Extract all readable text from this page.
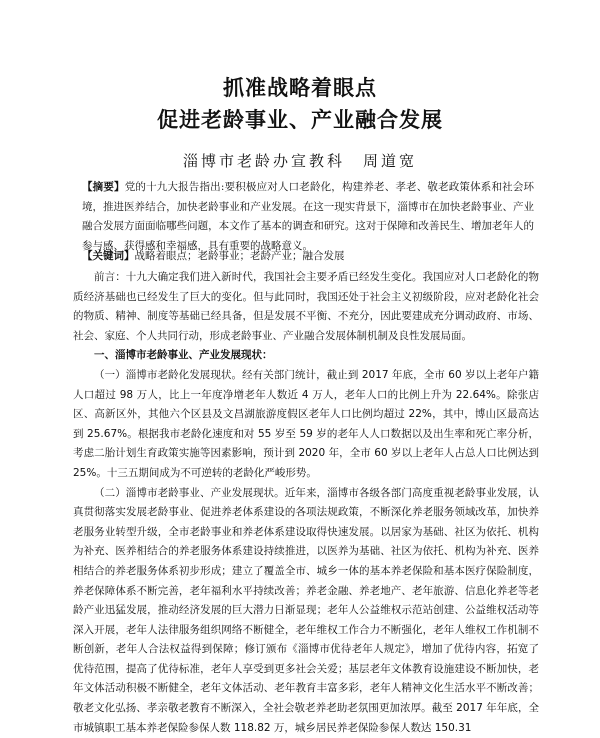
抓准战略着眼点
促进老龄事业、产业融合发展
淄博市老龄办宣教科　周道宽
【摘要】党的十九大报告指出:要积极应对人口老龄化，构建养老、孝老、敬老政策体系和社会环境，推进医养结合，加快老龄事业和产业发展。在这一现实背景下，淄博市在加快老龄事业、产业融合发展方面面临哪些问题，本文作了基本的调查和研究。这对于保障和改善民生、增加老年人的参与感、获得感和幸福感，具有重要的战略意义。
【关键词】战略着眼点；老龄事业；老龄产业；融合发展

前言：十九大确定我们进入新时代，我国社会主要矛盾已经发生变化。我国应对人口老龄化的物质经济基础也已经发生了巨大的变化。但与此同时，我国还处于社会主义初级阶段，应对老龄化社会的物质、精神、制度等基础已经具备，但是发展不平衡、不充分，因此要建成充分调动政府、市场、社会、家庭、个人共同行动，形成老龄事业、产业融合发展体制机制及良性发展局面。

一、淄博市老龄事业、产业发展现状：

（一）淄博市老龄化发展现状。经有关部门统计，截止到 2017 年底，全市 60 岁以上老年户籍人口超过 98 万人，比上一年度净增老年人数近 4 万人，老年人口的比例上升为 22.64%。除张店区、高新区外，其他六个区县及文昌湖旅游度假区老年人口比例均超过 22%，其中，博山区最高达到 25.67%。根据我市老龄化速度和对 55 岁至 59 岁的老年人人口数据以及出生率和死亡率分析，考虑二胎计划生育政策实施等因素影响，预计到 2020 年，全市 60 岁以上老年人占总人口比例达到 25%。十三五期间成为不可逆转的老龄化严峻形势。

（二）淄博市老龄事业、产业发展现状。近年来，淄博市各级各部门高度重视老龄事业发展，认真贯彻落实发展老龄事业、促进养老体系建设的各项法规政策，不断深化养老服务领域改革，加快养老服务业转型升级，全市老龄事业和养老体系建设取得快速发展。以居家为基础、社区为依托、机构为补充、医养相结合的养老服务体系建设持续推进，以医养为基础、社区为依托、机构为补充、医养相结合的养老服务体系初步形成；建立了覆盖全市、城乡一体的基本养老保险和基本医疗保险制度，养老保障体系不断完善，老年福利水平持续改善；养老金融、养老地产、老年旅游、信息化养老等老龄产业迅猛发展，推动经济发展的巨大潜力日渐显现；老年人公益维权示范站创建、公益维权活动等深入开展，老年人法律服务组织网络不断健全，老年维权工作合力不断强化，老年人维权工作机制不断创新，老年人合法权益得到保障；修订颁布《淄博市优待老年人规定》，增加了优待内容，拓宽了优待范围，提高了优待标准，老年人享受到更多社会关爱；基层老年文体教育设施建设不断加快，老年文体活动积极不断健全，老年文体活动、老年教育丰富多彩，老年人精神文化生活水平不断改善；敬老文化弘扬、孝亲敬老教育不断深入，全社会敬老养老助老氛围更加浓厚。截至 2017 年年底，全市城镇职工基本养老保险参保人数 118.82 万，城乡居民养老保险参保人数达 150.31
